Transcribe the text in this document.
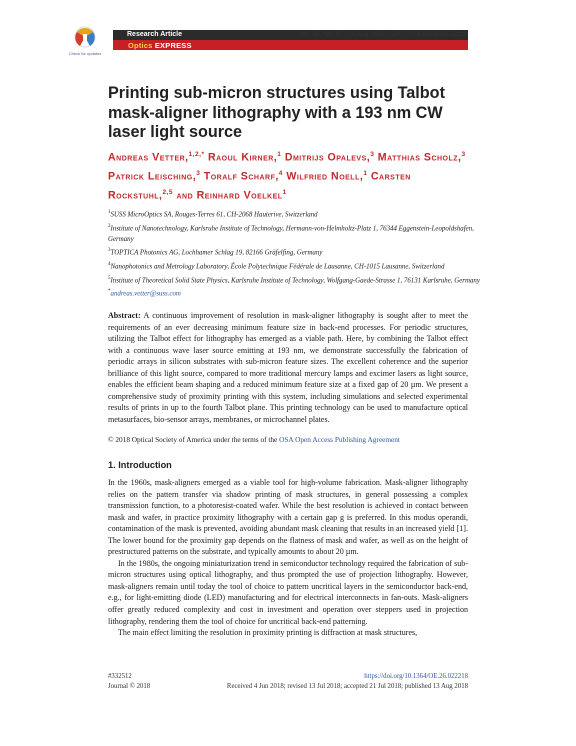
Check for updates
Research Article
Optics EXPRESS
Vol. 26, No. 17 | 20 Aug 2018 | OPTICS EXPRESS 22218
Printing sub-micron structures using Talbot mask-aligner lithography with a 193 nm CW laser light source
Andreas Vetter,$^{1,2,*}$ Raoul Kirner,$^1$ Dmitrijs Opalevs,$^3$ Matthias Scholz,$^3$ Patrick Leisching,$^3$ Toralf Scharf,$^4$ Wilfried Noell,$^1$ Carsten Rockstuhl,$^{2,5}$ and Reinhard Voelkel$^1$

$^1$SUSS MicroOptics SA, Rouges-Terres 61, CH-2068 Hauterive, Switzerland

$^2$Institute of Nanotechnology, Karlsruhe Institute of Technology, Hermann-von-Helmholtz-Platz 1, 76344 Eggenstein-Leopoldshafen, Germany

$^3$TOPTICA Photonics AG, Lochhamer Schlag 19, 82166 Gräfelfing, Germany

$^4$Nanophotonics and Metrology Laboratory, École Polytechnique Fédérale de Lausanne, CH-1015 Lausanne, Switzerland

$^5$Institute of Theoretical Solid State Physics, Karlsruhe Institute of Technology, Wolfgang-Gaede-Strasse 1, 76131 Karlsruhe, Germany

*andreas.vetter@suss.com

Abstract: A continuous improvement of resolution in mask-aligner lithography is sought after to meet the requirements of an ever decreasing minimum feature size in back-end processes. For periodic structures, utilizing the Talbot effect for lithography has emerged as a viable path. Here, by combining the Talbot effect with a continuous wave laser source emitting at 193 nm, we demonstrate successfully the fabrication of periodic arrays in silicon substrates with sub-micron feature sizes. The excellent coherence and the superior brilliance of this light source, compared to more traditional mercury lamps and excimer lasers as light source, enables the efficient beam shaping and a reduced minimum feature size at a fixed gap of 20 µm. We present a comprehensive study of proximity printing with this system, including simulations and selected experimental results of prints in up to the fourth Talbot plane. This printing technology can be used to manufacture optical metasurfaces, bio-sensor arrays, membranes, or microchannel plates.
© 2018 Optical Society of America under the terms of the OSA Open Access Publishing Agreement
1. Introduction

In the 1960s, mask-aligners emerged as a viable tool for high-volume fabrication. Mask-aligner lithography relies on the pattern transfer via shadow printing of mask structures, in general possessing a complex transmission function, to a photoresist-coated wafer. While the best resolution is achieved in contact between mask and wafer, in practice proximity lithography with a certain gap g is preferred. In this modus operandi, contamination of the mask is prevented, avoiding abundant mask cleaning that results in an increased yield [1]. The lower bound for the proximity gap depends on the flatness of mask and wafer, as well as on the height of prestructured patterns on the substrate, and typically amounts to about 20 µm.

In the 1980s, the ongoing miniaturization trend in semiconductor technology required the fabrication of sub-micron structures using optical lithography, and thus prompted the use of projection lithography. However, mask-aligners remain until today the tool of choice to pattern uncritical layers in the semiconductor back-end, e.g., for light-emitting diode (LED) manufacturing and for electrical interconnects in fan-outs. Mask-aligners offer greatly reduced complexity and cost in investment and operation over steppers used in projection lithography, rendering them the tool of choice for uncritical back-end patterning.

The main effect limiting the resolution in proximity printing is diffraction at mask structures,

#332512
Journal © 2018
https://doi.org/10.1364/OE.26.022218
Received 4 Jun 2018; revised 13 Jul 2018; accepted 21 Jul 2018; published 13 Aug 2018
